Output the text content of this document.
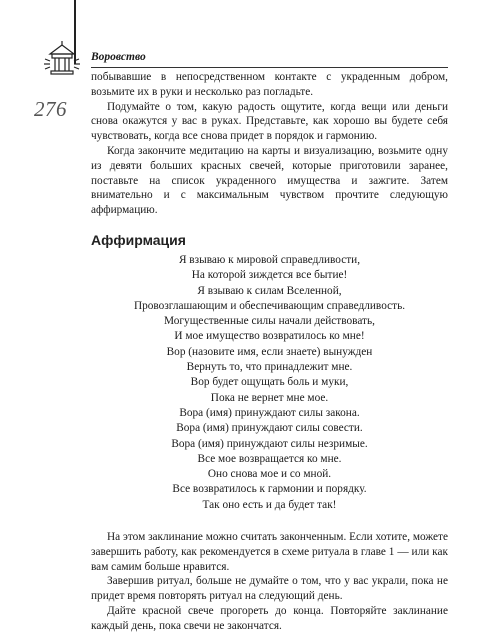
Воровство
276

побывавшие в непосредственном контакте с украденным добром, возьмите их в руки и несколько раз погладьте.

Подумайте о том, какую радость ощутите, когда вещи или деньги снова окажутся у вас в руках. Представьте, как хорошо вы будете себя чувствовать, когда все снова придет в порядок и гармонию.

Когда закончите медитацию на карты и визуализацию, возьмите одну из девяти больших красных свечей, которые приготовили заранее, поставьте на список украденного имущества и зажгите. Затем внимательно и с максимальным чувством прочтите следующую аффирмацию.

Аффирмация
Я взываю к мировой справедливости,
На которой зиждется все бытие!
Я взываю к силам Вселенной,
Провозглашающим и обеспечивающим справедливость.
Могущественные силы начали действовать,
И мое имущество возвратилось ко мне!
Вор (назовите имя, если знаете) вынужден
Вернуть то, что принадлежит мне.
Вор будет ощущать боль и муки,
Пока не вернет мне мое.
Вора (имя) принуждают силы закона.
Вора (имя) принуждают силы совести.
Вора (имя) принуждают силы незримые.
Все мое возвращается ко мне.
Оно снова мое и со мной.
Все возвратилось к гармонии и порядку.
Так оно есть и да будет так!

На этом заклинание можно считать законченным. Если хотите, можете завершить работу, как рекомендуется в схеме ритуала в главе 1 — или как вам самим больше нравится.

Завершив ритуал, больше не думайте о том, что у вас украли, пока не придет время повторять ритуал на следующий день.

Дайте красной свече прогореть до конца. Повторяйте заклинание каждый день, пока свечи не закончатся.
